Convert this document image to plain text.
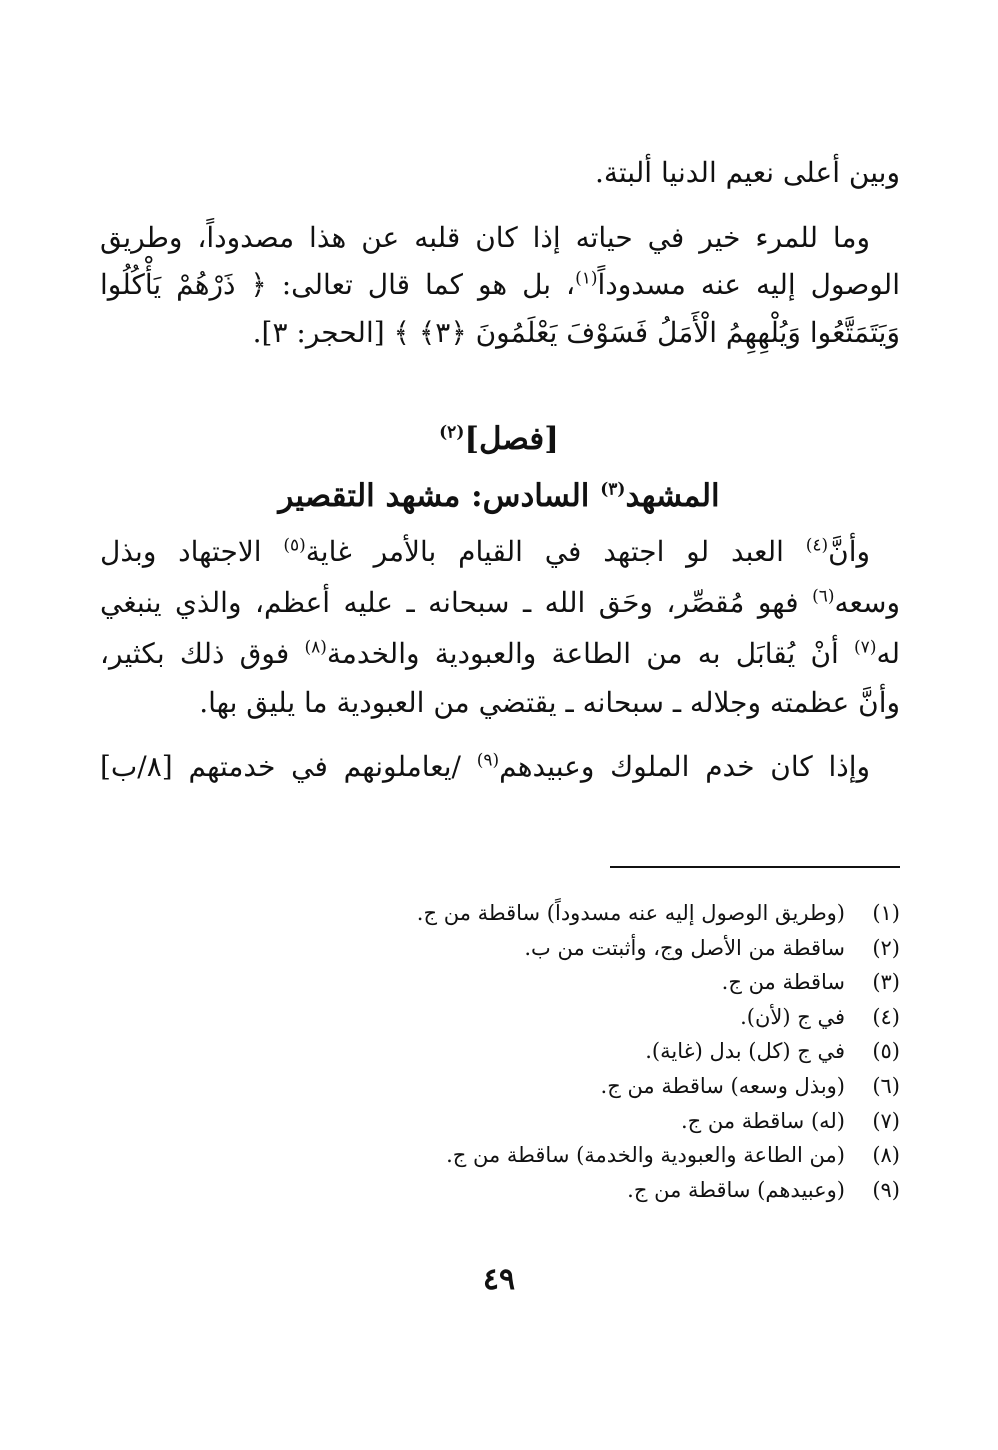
وبين أعلى نعيم الدنيا ألبتة.
وما للمرء خير في حياته إذا كان قلبه عن هذا مصدوداً، وطريق
الوصول إليه عنه مسدوداً$^{(١)}$، بل هو كما قال تعالى: ﴿ ذَرْهُمْ يَأْكُلُوا
وَيَتَمَتَّعُوا وَيُلْهِهِمُ الْأَمَلُ فَسَوْفَ يَعْلَمُونَ ﴿٣﴾ ﴾ [الحجر: ٣].
[فصل]$^{(٢)}$
المشهد$^{(٣)}$ السادس: مشهد التقصير
وأنَّ$^{(٤)}$ العبد لو اجتهد في القيام بالأمر غاية$^{(٥)}$ الاجتهاد وبذل
وسعه$^{(٦)}$ فهو مُقصِّر، وحَق الله ـ سبحانه ـ عليه أعظم، والذي ينبغي
له$^{(٧)}$ أنْ يُقابَل به من الطاعة والعبودية والخدمة$^{(٨)}$ فوق ذلك بكثير،
وأنَّ عظمته وجلاله ـ سبحانه ـ يقتضي من العبودية ما يليق بها.
وإذا كان خدم الملوك وعبيدهم$^{(٩)}$ /يعاملونهم في خدمتهم [٨/ب]
(١)(وطريق الوصول إليه عنه مسدوداً) ساقطة من ج.
(٢)ساقطة من الأصل وج، وأثبتت من ب.
(٣)ساقطة من ج.
(٤)في ج (لأن).
(٥)في ج (كل) بدل (غاية).
(٦)(وبذل وسعه) ساقطة من ج.
(٧)(له) ساقطة من ج.
(٨)(من الطاعة والعبودية والخدمة) ساقطة من ج.
(٩)(وعبيدهم) ساقطة من ج.
٤٩
